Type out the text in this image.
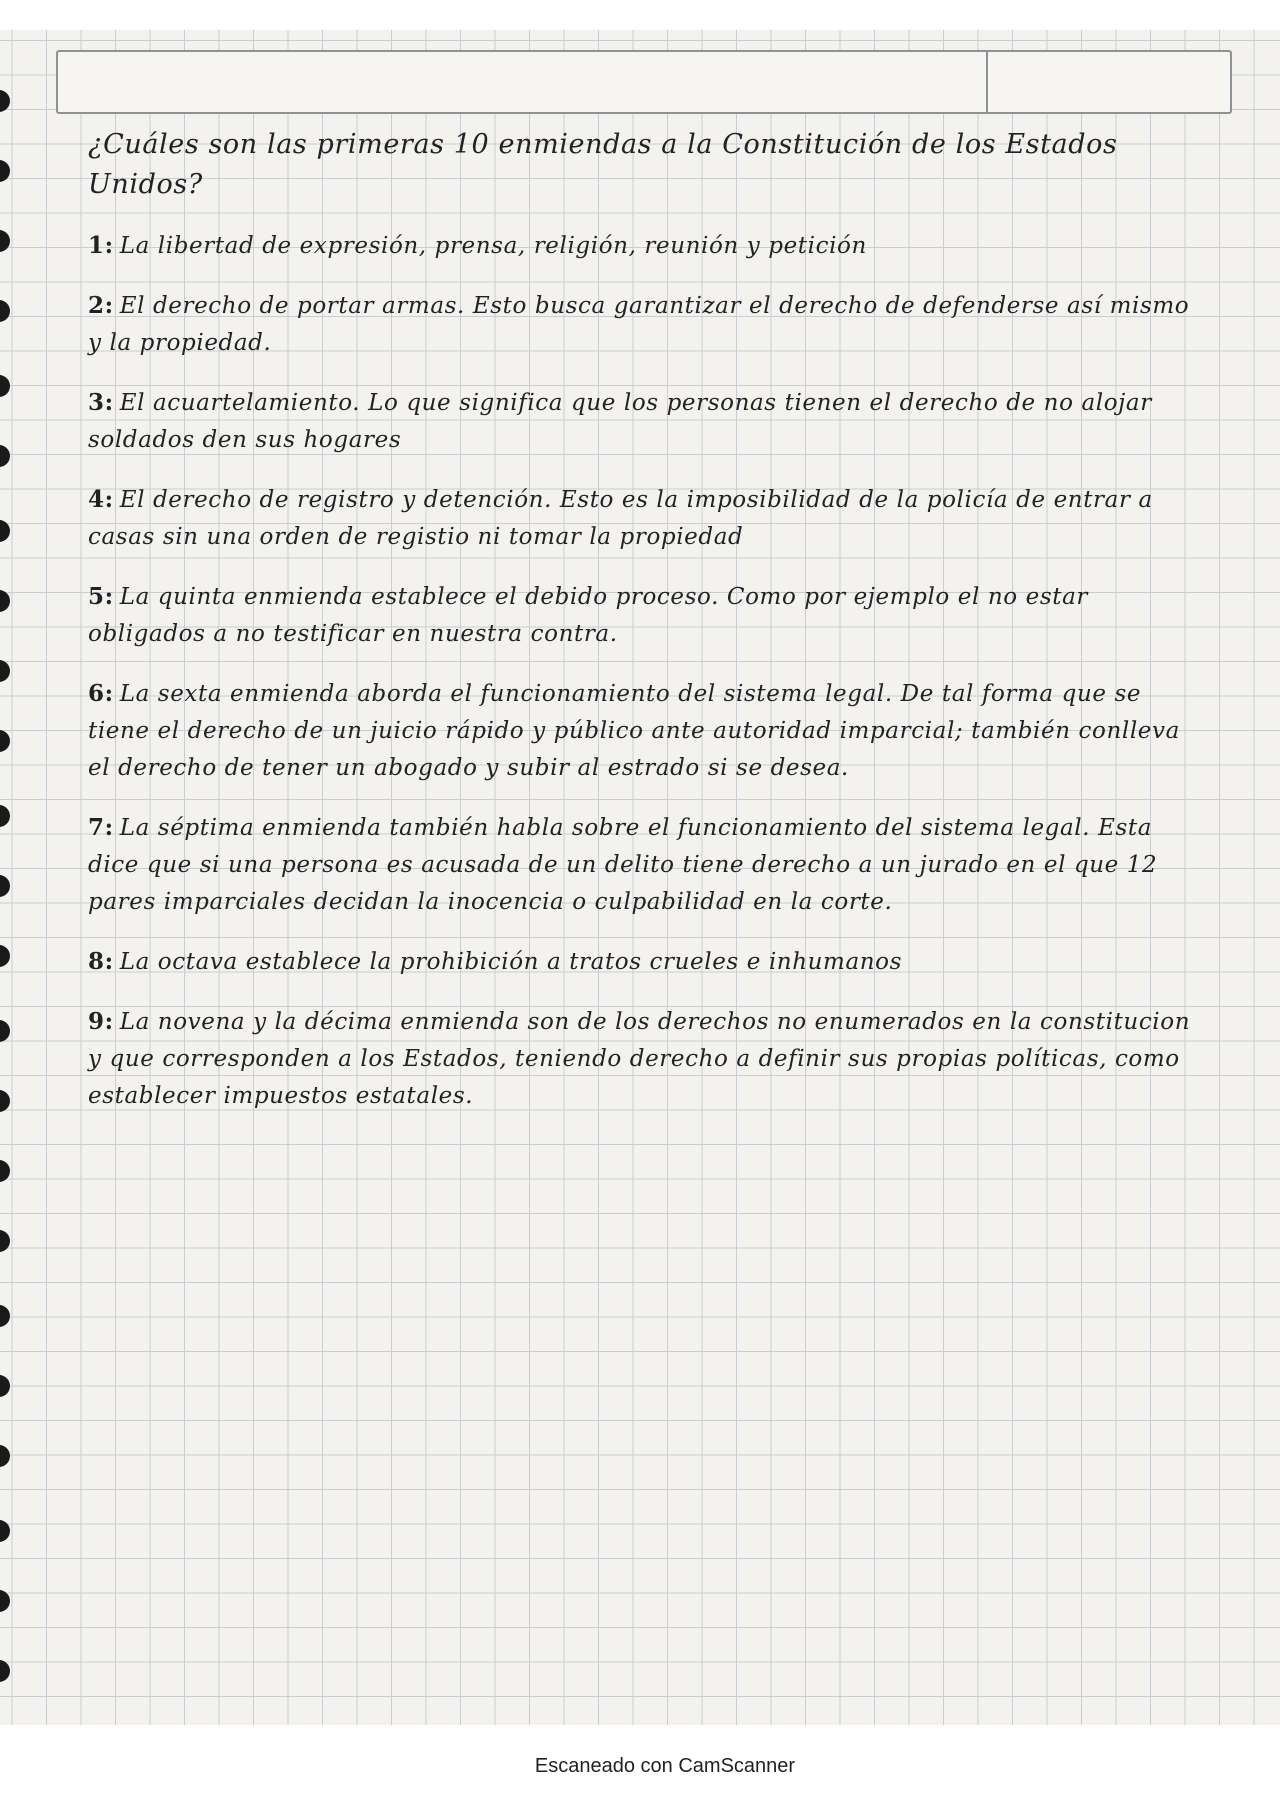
¿Cuáles son las primeras 10 enmiendas a la Constitución de los Estados Unidos?
1: La libertad de expresión, prensa, religión, reunión y petición
2: El derecho de portar armas. Esto busca garantizar el derecho de defenderse así mismo y la propiedad.
3: El acuartelamiento. Lo que significa que los personas tienen el derecho de no alojar soldados den sus hogares
4: El derecho de registro y detención. Esto es la imposibilidad de la policía de entrar a casas sin una orden de registio ni tomar la propiedad
5: La quinta enmienda establece el debido proceso. Como por ejemplo el no estar obligados a no testificar en nuestra contra.
6: La sexta enmienda aborda el funcionamiento del sistema legal. De tal forma que se tiene el derecho de un juicio rápido y público ante autoridad imparcial; también conlleva el derecho de tener un abogado y subir al estrado si se desea.
7: La séptima enmienda también habla sobre el funcionamiento del sistema legal. Esta dice que si una persona es acusada de un delito tiene derecho a un jurado en el que 12 pares imparciales decidan la inocencia o culpabilidad en la corte.
8: La octava establece la prohibición a tratos crueles e inhumanos
9: La novena y la décima enmienda son de los derechos no enumerados en la constitucion y que corresponden a los Estados, teniendo derecho a definir sus propias políticas, como establecer impuestos estatales.
Escaneado con CamScanner
